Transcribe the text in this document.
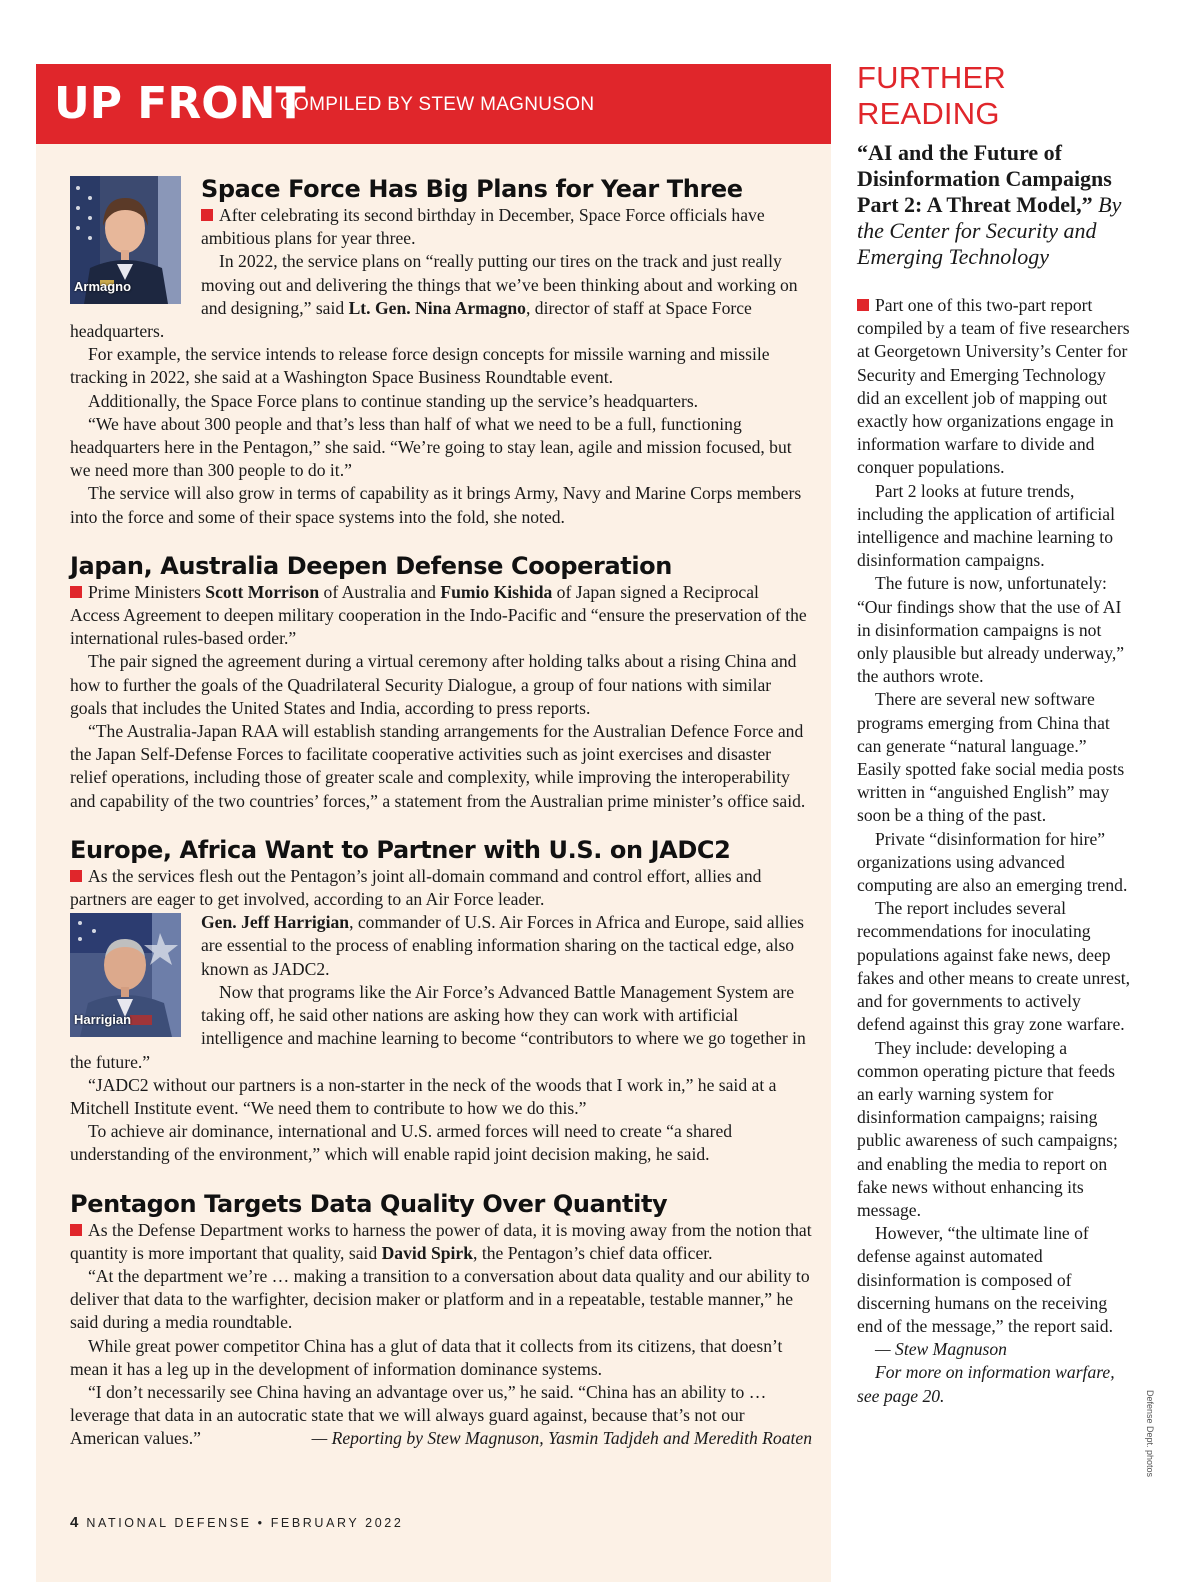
UP FRONT
COMPILED BY STEW MAGNUSON
Armagno
Space Force Has Big Plans for Year Three

After celebrating its second birthday in December, Space Force officials have ambitious plans for year three.

In 2022, the service plans on “really putting our tires on the track and just really moving out and delivering the things that we’ve been thinking about and working on and designing,” said Lt. Gen. Nina Armagno, director of staff at Space Force headquarters.

For example, the service intends to release force design concepts for missile warning and missile tracking in 2022, she said at a Washington Space Business Roundtable event.

Additionally, the Space Force plans to continue standing up the service’s headquarters.

“We have about 300 people and that’s less than half of what we need to be a full, functioning headquarters here in the Pentagon,” she said. “We’re going to stay lean, agile and mission focused, but we need more than 300 people to do it.”

The service will also grow in terms of capability as it brings Army, Navy and Marine Corps members into the force and some of their space systems into the fold, she noted.

Japan, Australia Deepen Defense Cooperation

Prime Ministers Scott Morrison of Australia and Fumio Kishida of Japan signed a Reciprocal Access Agreement to deepen military cooperation in the Indo-Pacific and “ensure the preservation of the international rules-based order.”

The pair signed the agreement during a virtual ceremony after holding talks about a rising China and how to further the goals of the Quadrilateral Security Dialogue, a group of four nations with similar goals that includes the United States and India, according to press reports.

“The Australia-Japan RAA will establish standing arrangements for the Australian Defence Force and the Japan Self-Defense Forces to facilitate cooperative activities such as joint exercises and disaster relief operations, including those of greater scale and complexity, while improving the interoperability and capability of the two countries’ forces,” a statement from the Australian prime minister’s office said.

Europe, Africa Want to Partner with U.S. on JADC2

As the services flesh out the Pentagon’s joint all-domain command and control effort, allies and partners are eager to get involved, according to an Air Force leader.

Harrigian

Gen. Jeff Harrigian, commander of U.S. Air Forces in Africa and Europe, said allies are essential to the process of enabling information sharing on the tactical edge, also known as JADC2.

Now that programs like the Air Force’s Advanced Battle Management System are taking off, he said other nations are asking how they can work with artificial intelligence and machine learning to become “contributors to where we go together in the future.”

“JADC2 without our partners is a non-starter in the neck of the woods that I work in,” he said at a Mitchell Institute event. “We need them to contribute to how we do this.”

To achieve air dominance, international and U.S. armed forces will need to create “a shared understanding of the environment,” which will enable rapid joint decision making, he said.

Pentagon Targets Data Quality Over Quantity

As the Defense Department works to harness the power of data, it is moving away from the notion that quantity is more important that quality, said David Spirk, the Pentagon’s chief data officer.

“At the department we’re … making a transition to a conversation about data quality and our ability to deliver that data to the warfighter, decision maker or platform and in a repeatable, testable manner,” he said during a media roundtable.

While great power competitor China has a glut of data that it collects from its citizens, that doesn’t mean it has a leg up in the development of information dominance systems.

“I don’t necessarily see China having an advantage over us,” he said. “China has an ability to … leverage that data in an autocratic state that we will always guard against, because that’s not our American values.”	— Reporting by Stew Magnuson, Yasmin Tadjdeh and Meredith Roaten

4 NATIONAL DEFENSE • FEBRUARY 2022
FURTHER READING
“AI and the Future of Disinformation Campaigns Part 2: A Threat Model,” By the Center for Security and Emerging Technology

Part one of this two-part report compiled by a team of five researchers at Georgetown University’s Center for Security and Emerging Technology did an excellent job of mapping out exactly how organizations engage in information warfare to divide and conquer populations.

Part 2 looks at future trends, including the application of artificial intelligence and machine learning to disinformation campaigns.

The future is now, unfortunately: “Our findings show that the use of AI in disinformation campaigns is not only plausible but already underway,” the authors wrote.

There are several new software programs emerging from China that can generate “natural language.” Easily spotted fake social media posts written in “anguished English” may soon be a thing of the past.

Private “disinformation for hire” organizations using advanced computing are also an emerging trend.

The report includes several recommendations for inoculating populations against fake news, deep fakes and other means to create unrest, and for governments to actively defend against this gray zone warfare.

They include: developing a common operating picture that feeds an early warning system for disinformation campaigns; raising public awareness of such campaigns; and enabling the media to report on fake news without enhancing its message.

However, “the ultimate line of defense against automated disinformation is composed of discerning humans on the receiving end of the message,” the report said.

— Stew Magnuson

For more on information warfare, see page 20.	Defense Dept. photos
